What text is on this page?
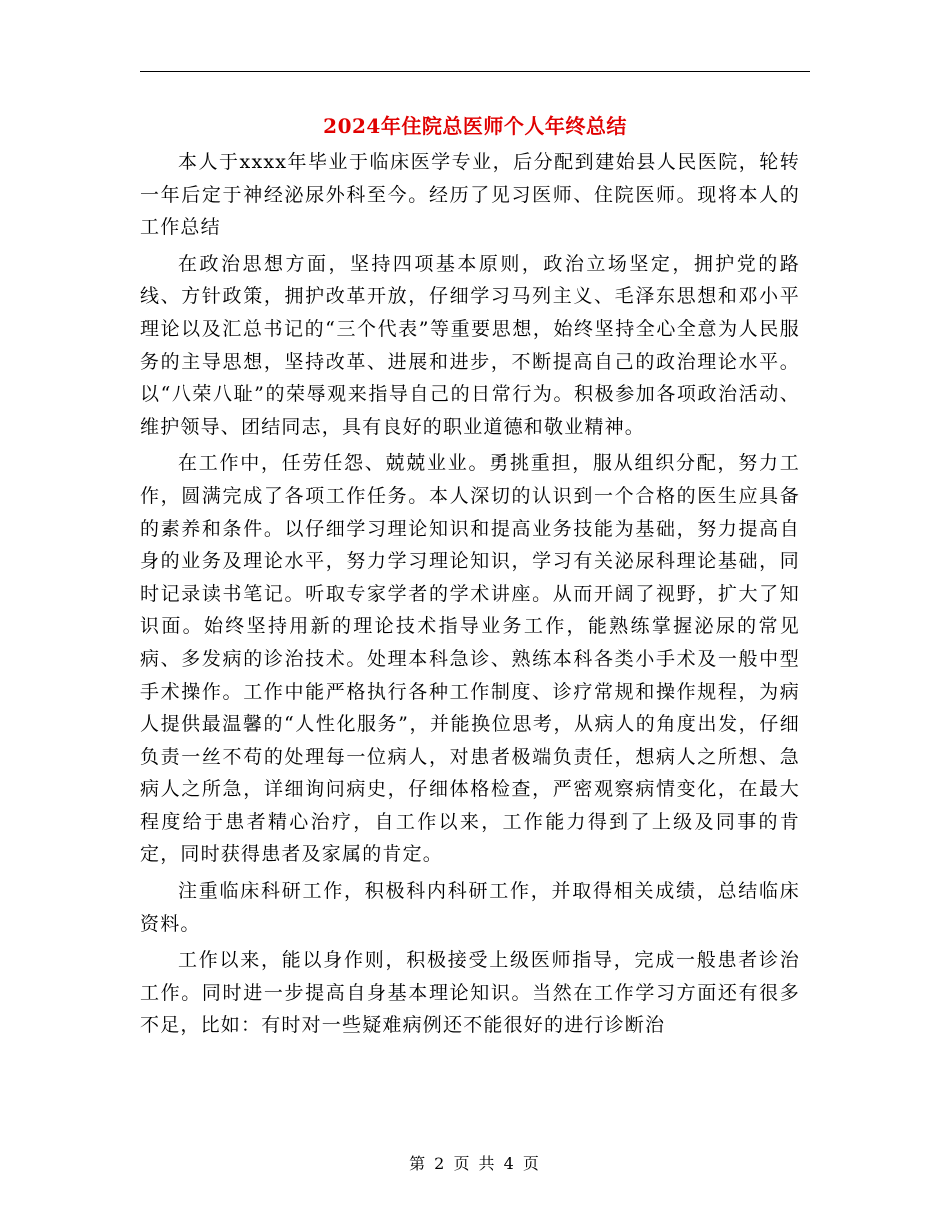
2024年住院总医师个人年终总结

本人于xxxx年毕业于临床医学专业，后分配到建始县人民医院，轮转一年后定于神经泌尿外科至今。经历了见习医师、住院医师。现将本人的工作总结

在政治思想方面，坚持四项基本原则，政治立场坚定，拥护党的路线、方针政策，拥护改革开放，仔细学习马列主义、毛泽东思想和邓小平理论以及汇总书记的“三个代表”等重要思想，始终坚持全心全意为人民服务的主导思想，坚持改革、进展和进步，不断提高自己的政治理论水平。以“八荣八耻”的荣辱观来指导自己的日常行为。积极参加各项政治活动、维护领导、团结同志，具有良好的职业道德和敬业精神。

在工作中，任劳任怨、兢兢业业。勇挑重担，服从组织分配，努力工作，圆满完成了各项工作任务。本人深切的认识到一个合格的医生应具备的素养和条件。以仔细学习理论知识和提高业务技能为基础，努力提高自身的业务及理论水平，努力学习理论知识，学习有关泌尿科理论基础，同时记录读书笔记。听取专家学者的学术讲座。从而开阔了视野，扩大了知识面。始终坚持用新的理论技术指导业务工作，能熟练掌握泌尿的常见病、多发病的诊治技术。处理本科急诊、熟练本科各类小手术及一般中型手术操作。工作中能严格执行各种工作制度、诊疗常规和操作规程，为病人提供最温馨的“人性化服务”，并能换位思考，从病人的角度出发，仔细负责一丝不苟的处理每一位病人，对患者极端负责任，想病人之所想、急病人之所急，详细询问病史，仔细体格检查，严密观察病情变化，在最大程度给于患者精心治疗，自工作以来，工作能力得到了上级及同事的肯定，同时获得患者及家属的肯定。

注重临床科研工作，积极科内科研工作，并取得相关成绩，总结临床资料。

工作以来，能以身作则，积极接受上级医师指导，完成一般患者诊治工作。同时进一步提高自身基本理论知识。当然在工作学习方面还有很多不足，比如：有时对一些疑难病例还不能很好的进行诊断治

第 2 页 共 4 页
